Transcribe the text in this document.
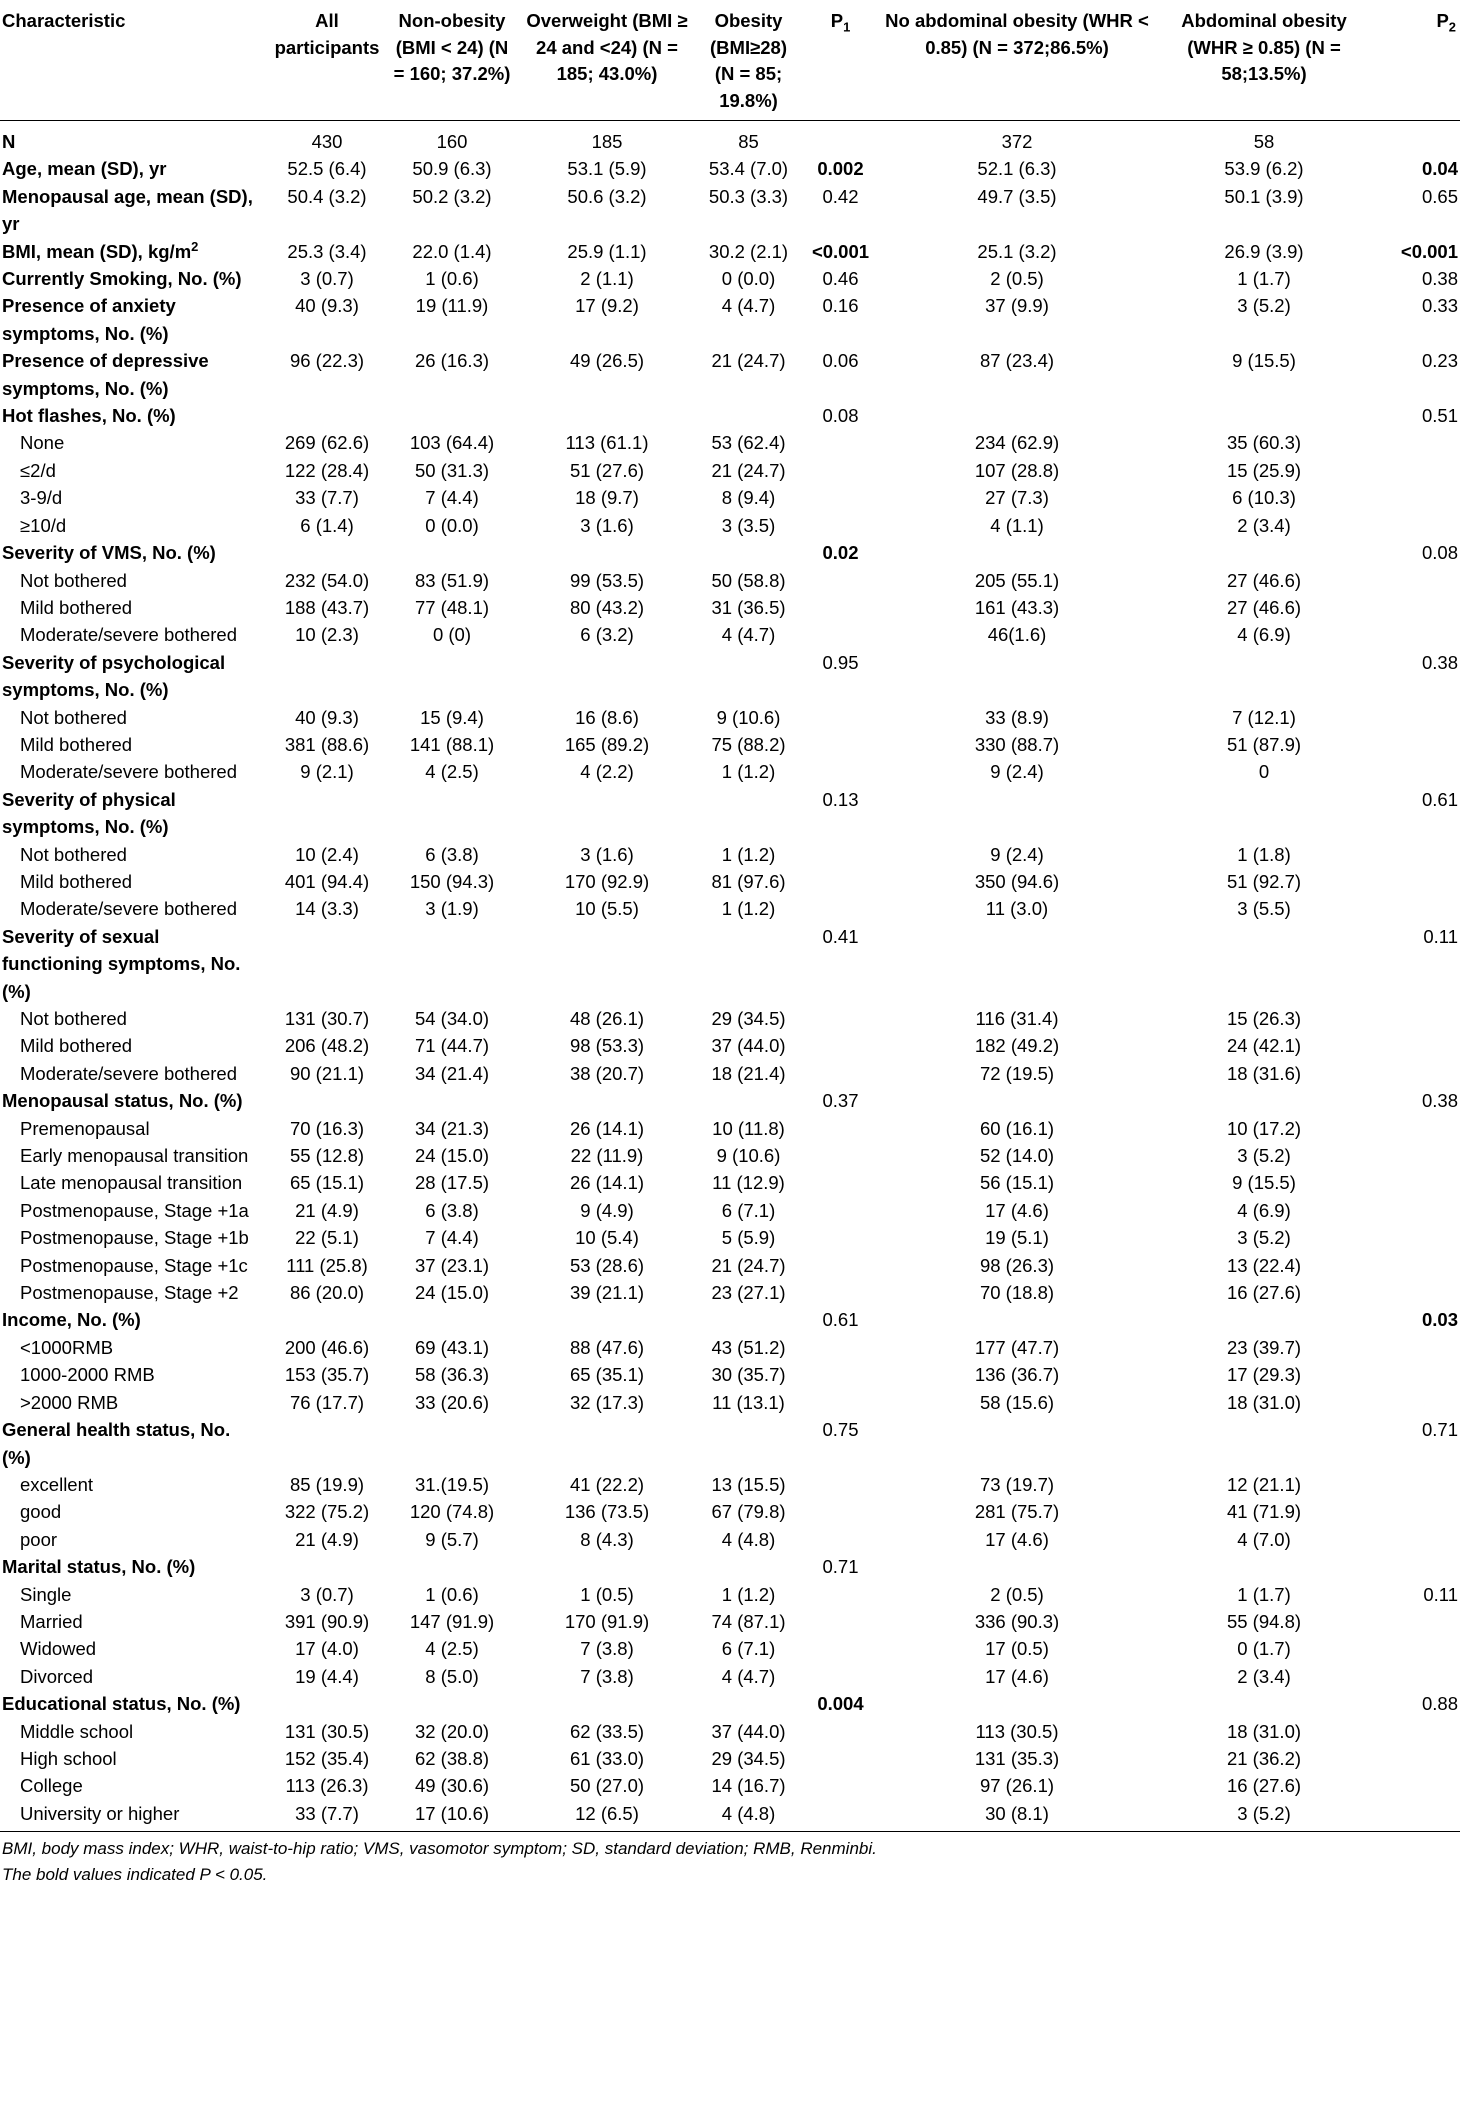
Characteristic	All participants	Non-obesity (BMI < 24) (N = 160; 37.2%)	Overweight (BMI ≥ 24 and <24) (N = 185; 43.0%)	Obesity (BMI≥28) (N = 85; 19.8%)	$P_1$	No abdominal obesity (WHR < 0.85) (N = 372;86.5%)	Abdominal obesity (WHR ≥ 0.85) (N = 58;13.5%)	$P_2$
N	430	160	185	85		372	58	
Age, mean (SD), yr	52.5 (6.4)	50.9 (6.3)	53.1 (5.9)	53.4 (7.0)	0.002	52.1 (6.3)	53.9 (6.2)	0.04
Menopausal age, mean (SD), yr	50.4 (3.2)	50.2 (3.2)	50.6 (3.2)	50.3 (3.3)	0.42	49.7 (3.5)	50.1 (3.9)	0.65
BMI, mean (SD), $kg/m^2$	25.3 (3.4)	22.0 (1.4)	25.9 (1.1)	30.2 (2.1)	<0.001	25.1 (3.2)	26.9 (3.9)	<0.001
Currently Smoking, No. (%)	3 (0.7)	1 (0.6)	2 (1.1)	0 (0.0)	0.46	2 (0.5)	1 (1.7)	0.38
Presence of anxiety symptoms, No. (%)	40 (9.3)	19 (11.9)	17 (9.2)	4 (4.7)	0.16	37 (9.9)	3 (5.2)	0.33
Presence of depressive symptoms, No. (%)	96 (22.3)	26 (16.3)	49 (26.5)	21 (24.7)	0.06	87 (23.4)	9 (15.5)	0.23
Hot flashes, No. (%)					0.08			0.51
None	269 (62.6)	103 (64.4)	113 (61.1)	53 (62.4)		234 (62.9)	35 (60.3)	
≤2/d	122 (28.4)	50 (31.3)	51 (27.6)	21 (24.7)		107 (28.8)	15 (25.9)	
3-9/d	33 (7.7)	7 (4.4)	18 (9.7)	8 (9.4)		27 (7.3)	6 (10.3)	
≥10/d	6 (1.4)	0 (0.0)	3 (1.6)	3 (3.5)		4 (1.1)	2 (3.4)	
Severity of VMS, No. (%)					0.02			0.08
Not bothered	232 (54.0)	83 (51.9)	99 (53.5)	50 (58.8)		205 (55.1)	27 (46.6)	
Mild bothered	188 (43.7)	77 (48.1)	80 (43.2)	31 (36.5)		161 (43.3)	27 (46.6)	
Moderate/severe bothered	10 (2.3)	0 (0)	6 (3.2)	4 (4.7)		46(1.6)	4 (6.9)	
Severity of psychological symptoms, No. (%)					0.95			0.38
Not bothered	40 (9.3)	15 (9.4)	16 (8.6)	9 (10.6)		33 (8.9)	7 (12.1)	
Mild bothered	381 (88.6)	141 (88.1)	165 (89.2)	75 (88.2)		330 (88.7)	51 (87.9)	
Moderate/severe bothered	9 (2.1)	4 (2.5)	4 (2.2)	1 (1.2)		9 (2.4)	0	
Severity of physical symptoms, No. (%)					0.13			0.61
Not bothered	10 (2.4)	6 (3.8)	3 (1.6)	1 (1.2)		9 (2.4)	1 (1.8)	
Mild bothered	401 (94.4)	150 (94.3)	170 (92.9)	81 (97.6)		350 (94.6)	51 (92.7)	
Moderate/severe bothered	14 (3.3)	3 (1.9)	10 (5.5)	1 (1.2)		11 (3.0)	3 (5.5)	
Severity of sexual functioning symptoms, No. (%)					0.41			0.11
Not bothered	131 (30.7)	54 (34.0)	48 (26.1)	29 (34.5)		116 (31.4)	15 (26.3)	
Mild bothered	206 (48.2)	71 (44.7)	98 (53.3)	37 (44.0)		182 (49.2)	24 (42.1)	
Moderate/severe bothered	90 (21.1)	34 (21.4)	38 (20.7)	18 (21.4)		72 (19.5)	18 (31.6)	
Menopausal status, No. (%)					0.37			0.38
Premenopausal	70 (16.3)	34 (21.3)	26 (14.1)	10 (11.8)		60 (16.1)	10 (17.2)	
Early menopausal transition	55 (12.8)	24 (15.0)	22 (11.9)	9 (10.6)		52 (14.0)	3 (5.2)	
Late menopausal transition	65 (15.1)	28 (17.5)	26 (14.1)	11 (12.9)		56 (15.1)	9 (15.5)	
Postmenopause, Stage +1a	21 (4.9)	6 (3.8)	9 (4.9)	6 (7.1)		17 (4.6)	4 (6.9)	
Postmenopause, Stage +1b	22 (5.1)	7 (4.4)	10 (5.4)	5 (5.9)		19 (5.1)	3 (5.2)	
Postmenopause, Stage +1c	111 (25.8)	37 (23.1)	53 (28.6)	21 (24.7)		98 (26.3)	13 (22.4)	
Postmenopause, Stage +2	86 (20.0)	24 (15.0)	39 (21.1)	23 (27.1)		70 (18.8)	16 (27.6)	
Income, No. (%)					0.61			0.03
<1000RMB	200 (46.6)	69 (43.1)	88 (47.6)	43 (51.2)		177 (47.7)	23 (39.7)	
1000-2000 RMB	153 (35.7)	58 (36.3)	65 (35.1)	30 (35.7)		136 (36.7)	17 (29.3)	
>2000 RMB	76 (17.7)	33 (20.6)	32 (17.3)	11 (13.1)		58 (15.6)	18 (31.0)	
General health status, No. (%)					0.75			0.71
excellent	85 (19.9)	31.(19.5)	41 (22.2)	13 (15.5)		73 (19.7)	12 (21.1)	
good	322 (75.2)	120 (74.8)	136 (73.5)	67 (79.8)		281 (75.7)	41 (71.9)	
poor	21 (4.9)	9 (5.7)	8 (4.3)	4 (4.8)		17 (4.6)	4 (7.0)	
Marital status, No. (%)					0.71			
Single	3 (0.7)	1 (0.6)	1 (0.5)	1 (1.2)		2 (0.5)	1 (1.7)	0.11
Married	391 (90.9)	147 (91.9)	170 (91.9)	74 (87.1)		336 (90.3)	55 (94.8)	
Widowed	17 (4.0)	4 (2.5)	7 (3.8)	6 (7.1)		17 (0.5)	0 (1.7)	
Divorced	19 (4.4)	8 (5.0)	7 (3.8)	4 (4.7)		17 (4.6)	2 (3.4)	
Educational status, No. (%)					0.004			0.88
Middle school	131 (30.5)	32 (20.0)	62 (33.5)	37 (44.0)		113 (30.5)	18 (31.0)	
High school	152 (35.4)	62 (38.8)	61 (33.0)	29 (34.5)		131 (35.3)	21 (36.2)	
College	113 (26.3)	49 (30.6)	50 (27.0)	14 (16.7)		97 (26.1)	16 (27.6)	
University or higher	33 (7.7)	17 (10.6)	12 (6.5)	4 (4.8)		30 (8.1)	3 (5.2)	
BMI, body mass index; WHR, waist-to-hip ratio; VMS, vasomotor symptom; SD, standard deviation; RMB, Renminbi.
The bold values indicated P < 0.05.
